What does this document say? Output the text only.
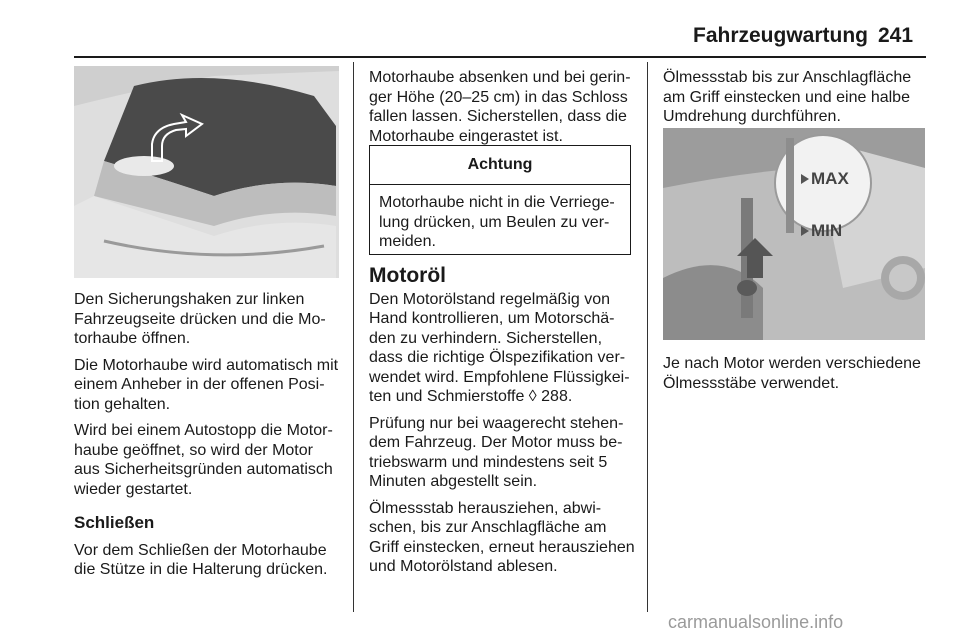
Fahrzeugwartung 241

Den Sicherungshaken zur linken Fahrzeugseite drücken und die Motorhaube öffnen.

Die Motorhaube wird automatisch mit einem Anheber in der offenen Position gehalten.

Wird bei einem Autostopp die Motorhaube geöffnet, so wird der Motor aus Sicherheitsgründen automatisch wieder gestartet.

Schließen

Vor dem Schließen der Motorhaube die Stütze in die Halterung drücken.

Motorhaube absenken und bei geringer Höhe (20–25 cm) in das Schloss fallen lassen. Sicherstellen, dass die Motorhaube eingerastet ist.

Achtung
Motorhaube nicht in die Verriegelung drücken, um Beulen zu vermeiden.
Motoröl

Den Motorölstand regelmäßig von Hand kontrollieren, um Motorschäden zu verhindern. Sicherstellen, dass die richtige Ölspezifikation verwendet wird. Empfohlene Flüssigkeiten und Schmierstoffe ◊ 288.

Prüfung nur bei waagerecht stehendem Fahrzeug. Der Motor muss betriebswarm und mindestens seit 5 Minuten abgestellt sein.

Ölmessstab herausziehen, abwischen, bis zur Anschlagfläche am Griff einstecken, erneut herausziehen und Motorölstand ablesen.

Ölmessstab bis zur Anschlagfläche am Griff einstecken und eine halbe Umdrehung durchführen.

MAX
MIN

Je nach Motor werden verschiedene Ölmessstäbe verwendet.

carmanualsonline.info
